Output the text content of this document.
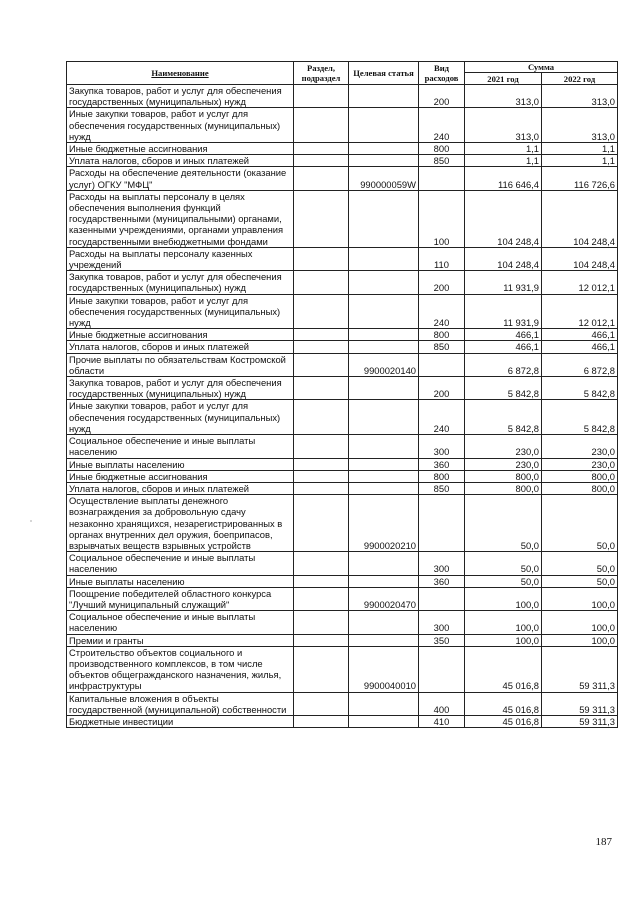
Наименование	Раздел, подраздел	Целевая статья	Вид расходов	Сумма	
				2021 год	2022 год
Закупка товаров, работ и услуг для обеспечения государственных (муниципальных) нужд			200	313,0	313,0
Иные закупки товаров, работ и услуг для обеспечения государственных (муниципальных) нужд			240	313,0	313,0
Иные бюджетные ассигнования			800	1,1	1,1
Уплата налогов, сборов и иных платежей			850	1,1	1,1
Расходы на обеспечение деятельности (оказание услуг) ОГКУ "МФЦ"		990000059W		116 646,4	116 726,6
Расходы на выплаты персоналу в целях обеспечения выполнения функций государственными (муниципальными) органами, казенными учреждениями, органами управления государственными внебюджетными фондами			100	104 248,4	104 248,4
Расходы на выплаты персоналу казенных учреждений			110	104 248,4	104 248,4
Закупка товаров, работ и услуг для обеспечения государственных (муниципальных) нужд			200	11 931,9	12 012,1
Иные закупки товаров, работ и услуг для обеспечения государственных (муниципальных) нужд			240	11 931,9	12 012,1
Иные бюджетные ассигнования			800	466,1	466,1
Уплата налогов, сборов и иных платежей			850	466,1	466,1
Прочие выплаты по обязательствам Костромской области		9900020140		6 872,8	6 872,8
Закупка товаров, работ и услуг для обеспечения государственных (муниципальных) нужд			200	5 842,8	5 842,8
Иные закупки товаров, работ и услуг для обеспечения государственных (муниципальных) нужд			240	5 842,8	5 842,8
Социальное обеспечение и иные выплаты населению			300	230,0	230,0
Иные выплаты населению			360	230,0	230,0
Иные бюджетные ассигнования			800	800,0	800,0
Уплата налогов, сборов и иных платежей			850	800,0	800,0
Осуществление выплаты денежного вознаграждения за добровольную сдачу незаконно хранящихся, незарегистрированных в органах внутренних дел оружия, боеприпасов, взрывчатых веществ взрывных устройств		9900020210		50,0	50,0
Социальное обеспечение и иные выплаты населению			300	50,0	50,0
Иные выплаты населению			360	50,0	50,0
Поощрение победителей областного конкурса "Лучший муниципальный служащий"		9900020470		100,0	100,0
Социальное обеспечение и иные выплаты населению			300	100,0	100,0
Премии и гранты			350	100,0	100,0
Строительство объектов социального и производственного комплексов, в том числе объектов общегражданского назначения, жилья, инфраструктуры		9900040010		45 016,8	59 311,3
Капитальные вложения в объекты государственной (муниципальной) собственности			400	45 016,8	59 311,3
Бюджетные инвестиции			410	45 016,8	59 311,3
187
